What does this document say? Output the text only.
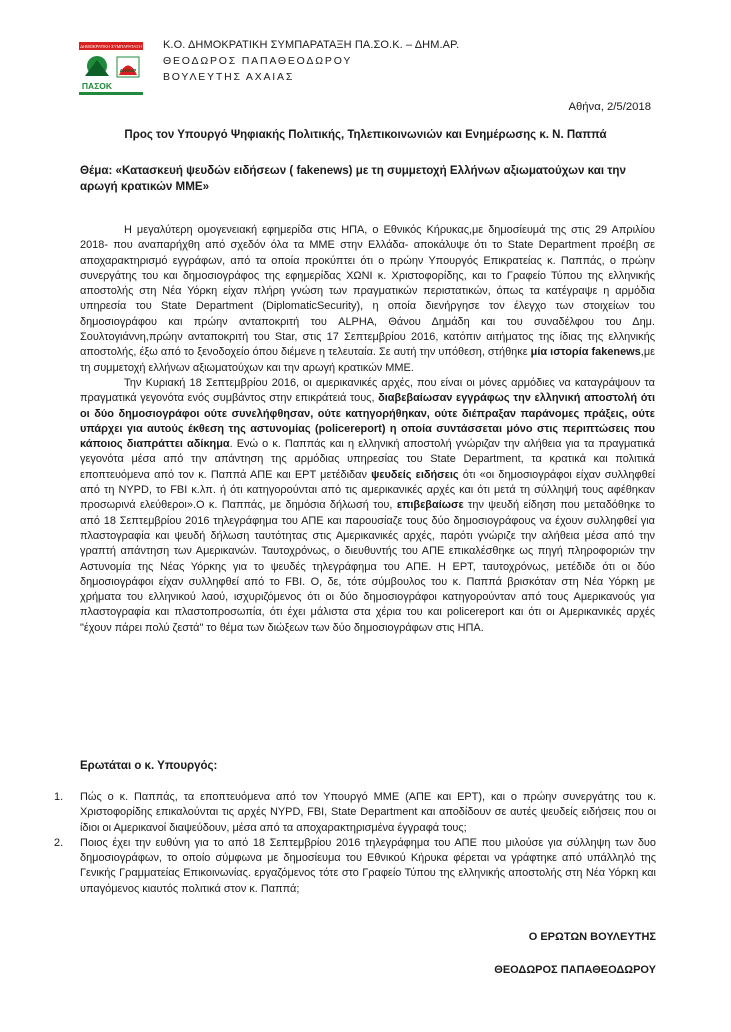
ΔΗΜΟΚΡΑΤΙΚΗ ΣΥΜΠΑΡΑΤΑΞΗ
ΔΗΜΑΡ
ΠΑΣΟΚ
Κ.Ο. ΔΗΜΟΚΡΑΤΙΚΗ ΣΥΜΠΑΡΑΤΑΞΗ ΠΑ.ΣΟ.Κ. – ΔΗΜ.ΑΡ.
ΘΕΟΔΩΡΟΣ ΠΑΠΑΘΕΟΔΩΡΟΥ
ΒΟΥΛΕΥΤΗΣ ΑΧΑΙΑΣ
Αθήνα, 2/5/2018
Προς τον Υπουργό Ψηφιακής Πολιτικής, Τηλεπικοινωνιών και Ενημέρωσης κ. Ν. Παππά
Θέμα: «Κατασκευή ψευδών ειδήσεων ( fakenews) με τη συμμετοχή Ελλήνων αξιωματούχων και την αρωγή κρατικών ΜΜΕ»

Η μεγαλύτερη ομογενειακή εφημερίδα στις ΗΠΑ, ο Εθνικός Κήρυκας,με δημοσίευμά της στις 29 Απριλίου 2018- που αναπαρήχθη από σχεδόν όλα τα ΜΜΕ στην Ελλάδα- αποκάλυψε ότι το State Department προέβη σε αποχαρακτηρισμό εγγράφων, από τα οποία προκύπτει ότι ο πρώην Υπουργός Επικρατείας κ. Παππάς, ο πρώην συνεργάτης του και δημοσιογράφος της εφημερίδας ΧΩΝΙ κ. Χριστοφορίδης, και το Γραφείο Τύπου της ελληνικής αποστολής στη Νέα Υόρκη είχαν πλήρη γνώση των πραγματικών περιστατικών, όπως τα κατέγραψε η αρμόδια υπηρεσία του State Department (DiplomaticSecurity), η οποία διενήργησε τον έλεγχο των στοιχείων του δημοσιογράφου και πρώην ανταποκριτή του ALPHA, Θάνου Δημάδη και του συναδέλφου του Δημ. Σουλτογιάννη,πρώην ανταποκριτή του Star, στις 17 Σεπτεμβρίου 2016, κατόπιν αιτήματος της ίδιας της ελληνικής αποστολής, έξω από το ξενοδοχείο όπου διέμενε η τελευταία. Σε αυτή την υπόθεση, στήθηκε μία ιστορία fakenews,με τη συμμετοχή ελλήνων αξιωματούχων και την αρωγή κρατικών ΜΜΕ.

Την Κυριακή 18 Σεπτεμβρίου 2016, οι αμερικανικές αρχές, που είναι οι μόνες αρμόδιες να καταγράψουν τα πραγματικά γεγονότα ενός συμβάντος στην επικράτειά τους, διαβεβαίωσαν εγγράφως την ελληνική αποστολή ότι οι δύο δημοσιογράφοι ούτε συνελήφθησαν, ούτε κατηγορήθηκαν, ούτε διέπραξαν παράνομες πράξεις, ούτε υπάρχει για αυτούς έκθεση της αστυνομίας (policereport) η οποία συντάσσεται μόνο στις περιπτώσεις που κάποιος διαπράττει αδίκημα. Ενώ ο κ. Παππάς και η ελληνική αποστολή γνώριζαν την αλήθεια για τα πραγματικά γεγονότα μέσα από την απάντηση της αρμόδιας υπηρεσίας του State Department, τα κρατικά και πολιτικά εποπτευόμενα από τον κ. Παππά ΑΠΕ και ΕΡΤ μετέδιδαν ψευδείς ειδήσεις ότι «οι δημοσιογράφοι είχαν συλληφθεί από τη NYPD, το FBI κ.λπ. ή ότι κατηγορούνται από τις αμερικανικές αρχές και ότι μετά τη σύλληψή τους αφέθηκαν προσωρινά ελεύθεροι».Ο κ. Παππάς, με δημόσια δήλωσή του, επιβεβαίωσε την ψευδή είδηση που μεταδόθηκε το από 18 Σεπτεμβρίου 2016 τηλεγράφημα του ΑΠΕ και παρουσίαζε τους δύο δημοσιογράφους να έχουν συλληφθεί για πλαστογραφία και ψευδή δήλωση ταυτότητας στις Αμερικανικές αρχές, παρότι γνώριζε την αλήθεια μέσα από την γραπτή απάντηση των Αμερικανών. Ταυτοχρόνως, ο διευθυντής του ΑΠΕ επικαλέσθηκε ως πηγή πληροφοριών την Αστυνομία της Νέας Υόρκης για το ψευδές τηλεγράφημα του ΑΠΕ. Η ΕΡΤ, ταυτοχρόνως, μετέδιδε ότι οι δύο δημοσιογράφοι είχαν συλληφθεί από το FBI. Ο, δε, τότε σύμβουλος του κ. Παππά βρισκόταν στη Νέα Υόρκη με χρήματα του ελληνικού λαού, ισχυριζόμενος ότι οι δύο δημοσιογράφοι κατηγορούνταν από τους Αμερικανούς για πλαστογραφία και πλαστοπροσωπία, ότι έχει μάλιστα στα χέρια του και policereport και ότι οι Αμερικανικές αρχές "έχουν πάρει πολύ ζεστά" το θέμα των διώξεων των δύο δημοσιογράφων στις ΗΠΑ.

Ερωτάται ο κ. Υπουργός:
1.	Πώς ο κ. Παππάς, τα εποπτευόμενα από τον Υπουργό ΜΜΕ (ΑΠΕ και ΕΡΤ), και ο πρώην συνεργάτης του κ. Χριστοφορίδης επικαλούνται τις αρχές NYPD, FBI, State Department και αποδίδουν σε αυτές ψευδείς ειδήσεις που οι ίδιοι οι Αμερικανοί διαψεύδουν, μέσα από τα αποχαρακτηρισμένα έγγραφά τους;
2.	Ποιος έχει την ευθύνη για το από 18 Σεπτεμβρίου 2016 τηλεγράφημα του ΑΠΕ που μιλούσε για σύλληψη των δυο δημοσιογράφων, το οποίο σύμφωνα με δημοσίευμα του Εθνικού Κήρυκα φέρεται να γράφτηκε από υπάλληλό της Γενικής Γραμματείας Επικοινωνίας. εργαζόμενος τότε στο Γραφείο Τύπου της ελληνικής αποστολής στη Νέα Υόρκη και υπαγόμενος κιαυτός πολιτικά στον κ. Παππά;
Ο ΕΡΩΤΩΝ ΒΟΥΛΕΥΤΗΣ
ΘΕΟΔΩΡΟΣ ΠΑΠΑΘΕΟΔΩΡΟΥ
